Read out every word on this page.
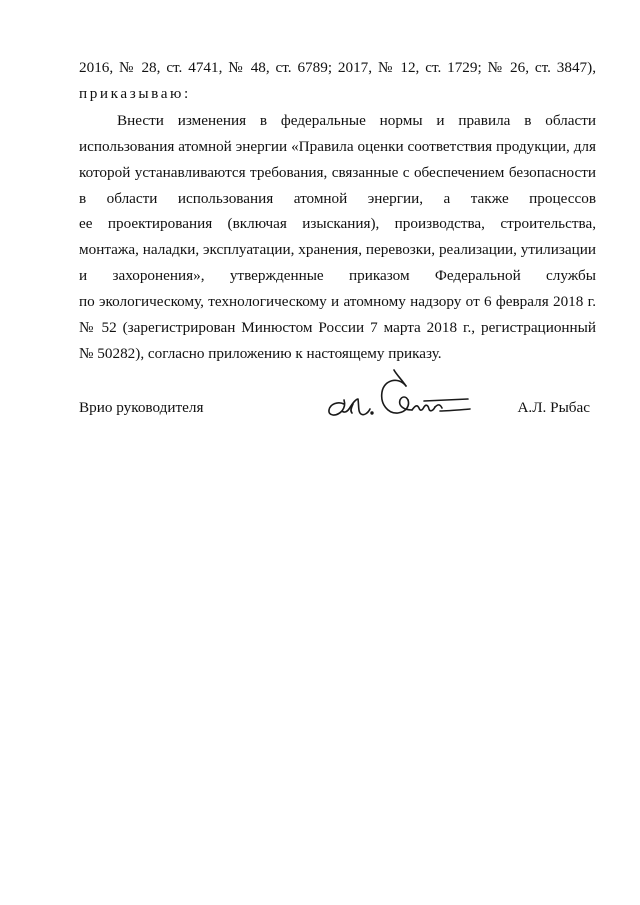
2016, № 28, ст. 4741, № 48, ст. 6789; 2017, № 12, ст. 1729; № 26, ст. 3847),
приказываю:
Внести изменения в федеральные нормы и правила в области
использования атомной энергии «Правила оценки соответствия продукции, для
которой устанавливаются требования, связанные с обеспечением безопасности
в области использования атомной энергии, а также процессов
ее проектирования (включая изыскания), производства, строительства,
монтажа, наладки, эксплуатации, хранения, перевозки, реализации, утилизации
и захоронения», утвержденные приказом Федеральной службы
по экологическому, технологическому и атомному надзору от 6 февраля 2018 г.
№ 52 (зарегистрирован Минюстом России 7 марта 2018 г., регистрационный
№ 50282), согласно приложению к настоящему приказу.
Врио руководителя	А.Л. Рыбас
